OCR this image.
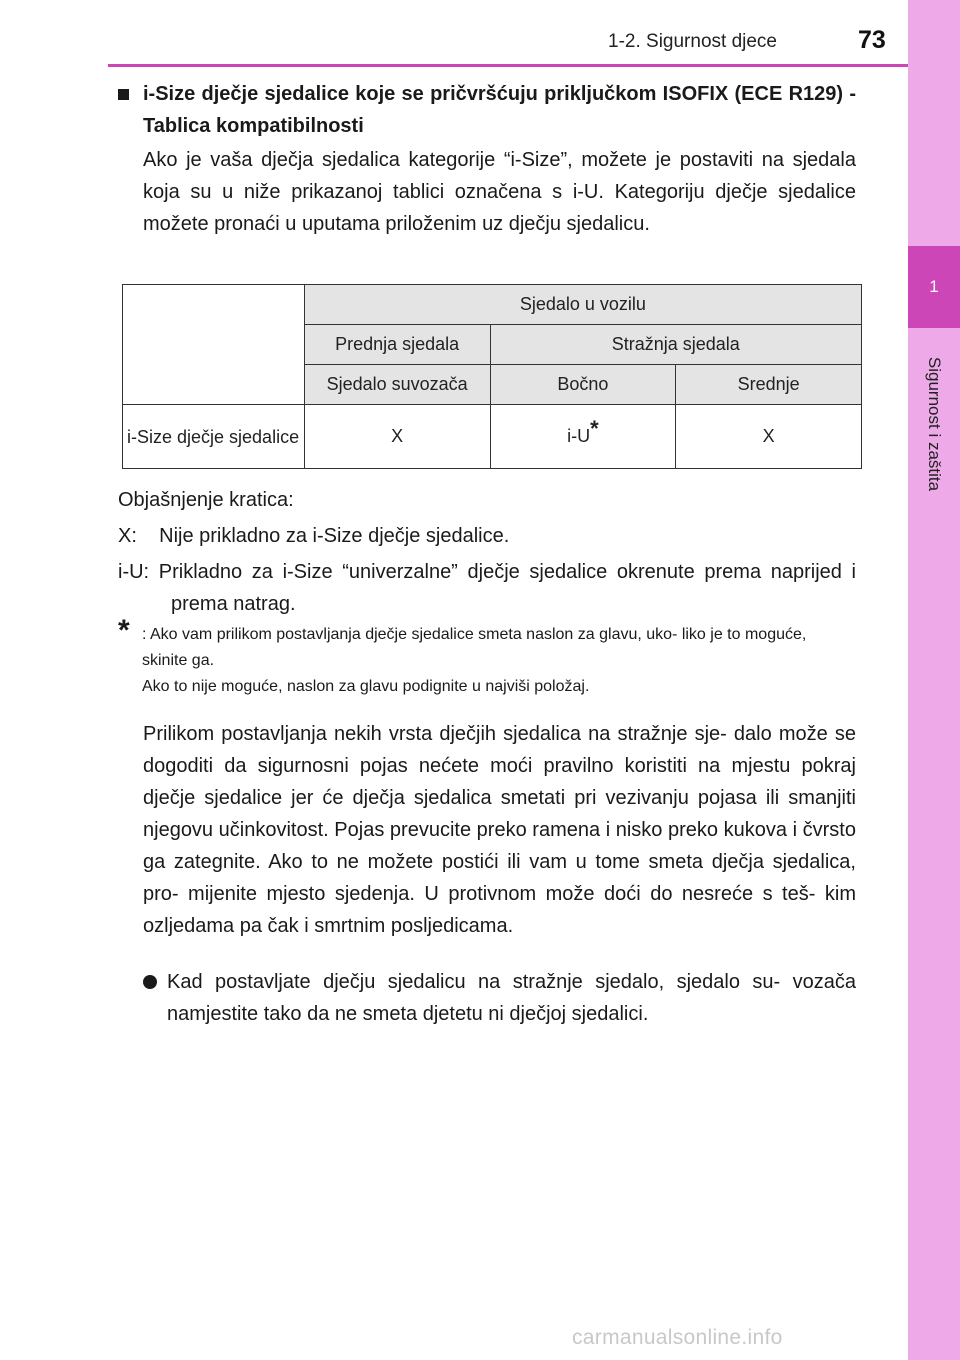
1
Sigurnost i zaštita
1-2. Sigurnost djece	73
i-Size dječje sjedalice koje se pričvršćuju priključkom ISOFIX (ECE R129) - Tablica kompatibilnosti
Ako je vaša dječja sjedalica kategorije “i-Size”, možete je postaviti na sjedala koja su u niže prikazanoj tablici označena s i-U. Kategoriju dječje sjedalice možete pronaći u uputama priloženim uz dječju sjedalicu.
	Sjedalo u vozilu		
	Prednja sjedala	Stražnja sjedala	
	Sjedalo suvozača	Bočno	Srednje
i-Size dječje sjedalice	X	i-U*	X

Objašnjenje kratica:

X:    Nije prikladno za i-Size dječje sjedalice.

i-U: Prikladno za i-Size “univerzalne” dječje sjedalice okrenute prema naprijed i prema natrag.

* : Ako vam prilikom postavljanja dječje sjedalice smeta naslon za glavu, uko- liko je to moguće, skinite ga.

Ako to nije moguće, naslon za glavu podignite u najviši položaj.

Prilikom postavljanja nekih vrsta dječjih sjedalica na stražnje sje- dalo može se dogoditi da sigurnosni pojas nećete moći pravilno koristiti na mjestu pokraj dječje sjedalice jer će dječja sjedalica smetati pri vezivanju pojasa ili smanjiti njegovu učinkovitost. Pojas prevucite preko ramena i nisko preko kukova i čvrsto ga zategnite. Ako to ne možete postići ili vam u tome smeta dječja sjedalica, pro- mijenite mjesto sjedenja. U protivnom može doći do nesreće s teš- kim ozljedama pa čak i smrtnim posljedicama.
Kad postavljate dječju sjedalicu na stražnje sjedalo, sjedalo su- vozača namjestite tako da ne smeta djetetu ni dječjoj sjedalici.
carmanualsonline.info
